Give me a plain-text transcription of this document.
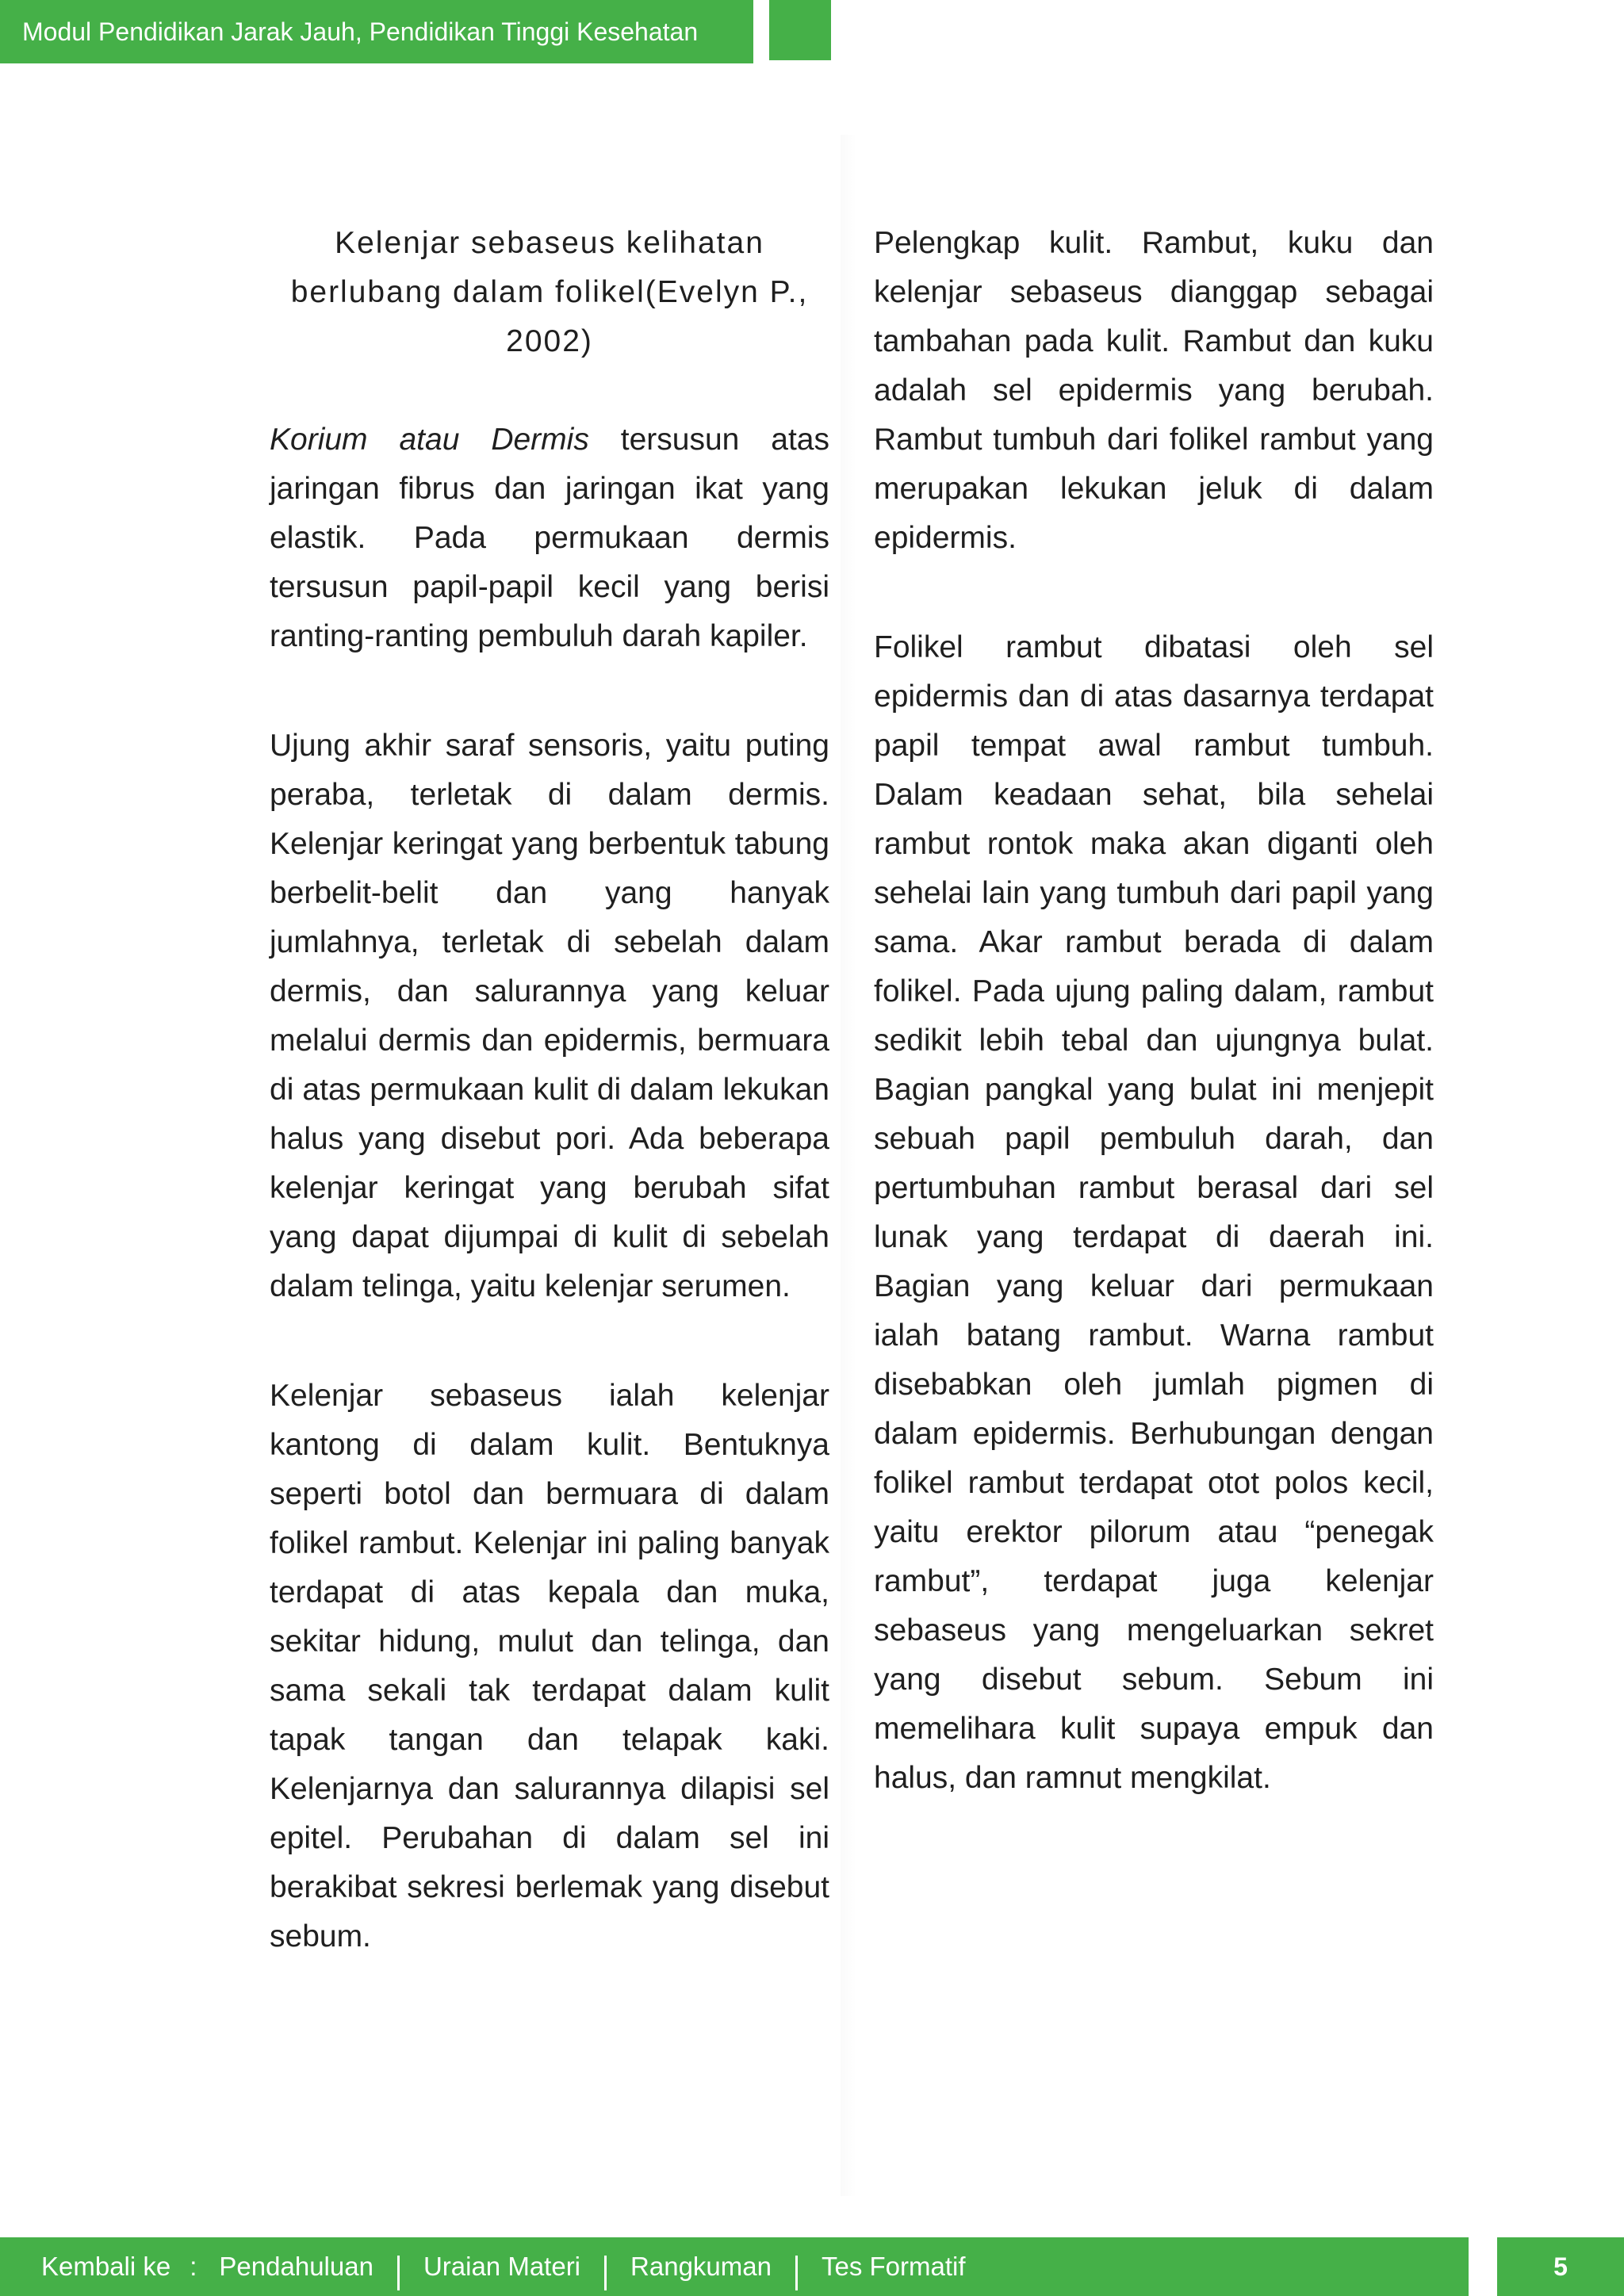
Modul Pendidikan Jarak Jauh, Pendidikan Tinggi Kesehatan

Kelenjar sebaseus kelihatan
berlubang dalam folikel(Evelyn P.,
2002)

Korium atau Dermis tersusun atas jaringan fibrus dan jaringan ikat yang elastik. Pada permukaan dermis tersusun papil-papil kecil yang berisi ranting-ranting pembuluh darah kapiler.

Ujung akhir saraf sensoris, yaitu puting peraba, terletak di dalam dermis. Kelenjar keringat yang berbentuk tabung berbelit-belit dan yang hanyak jumlahnya, terletak di sebelah dalam dermis, dan salurannya yang keluar melalui dermis dan epidermis, bermuara di atas permukaan kulit di dalam lekukan halus yang disebut pori. Ada beberapa kelenjar keringat yang berubah sifat yang dapat dijumpai di kulit di sebelah dalam telinga, yaitu kelenjar serumen.

Kelenjar sebaseus ialah kelenjar kantong di dalam kulit. Bentuknya seperti botol dan bermuara di dalam folikel rambut. Kelenjar ini paling banyak terdapat di atas kepala dan muka, sekitar hidung, mulut dan telinga, dan sama sekali tak terdapat dalam kulit tapak tangan dan telapak kaki. Kelenjarnya dan salurannya dilapisi sel epitel. Perubahan di dalam sel ini berakibat sekresi berlemak yang disebut sebum.

Pelengkap kulit. Rambut, kuku dan kelenjar sebaseus dianggap sebagai tambahan pada kulit. Rambut dan kuku adalah sel epidermis yang berubah. Rambut tumbuh dari folikel rambut yang merupakan lekukan jeluk di dalam epidermis.

Folikel rambut dibatasi oleh sel epidermis dan di atas dasarnya terdapat papil tempat awal rambut tumbuh. Dalam keadaan sehat, bila sehelai rambut rontok maka akan diganti oleh sehelai lain yang tumbuh dari papil yang sama. Akar rambut berada di dalam folikel. Pada ujung paling dalam, rambut sedikit lebih tebal dan ujungnya bulat. Bagian pangkal yang bulat ini menjepit sebuah papil pembuluh darah, dan pertumbuhan rambut berasal dari sel lunak yang terdapat di daerah ini. Bagian yang keluar dari permukaan ialah batang rambut. Warna rambut disebabkan oleh jumlah pigmen di dalam epidermis. Berhubungan dengan folikel rambut terdapat otot polos kecil, yaitu erektor pilorum atau “penegak rambut”, terdapat juga kelenjar sebaseus yang mengeluarkan sekret yang disebut sebum. Sebum ini memelihara kulit supaya empuk dan halus, dan ramnut mengkilat.

Kembali ke : Pendahuluan Uraian Materi Rangkuman Tes Formatif	5
